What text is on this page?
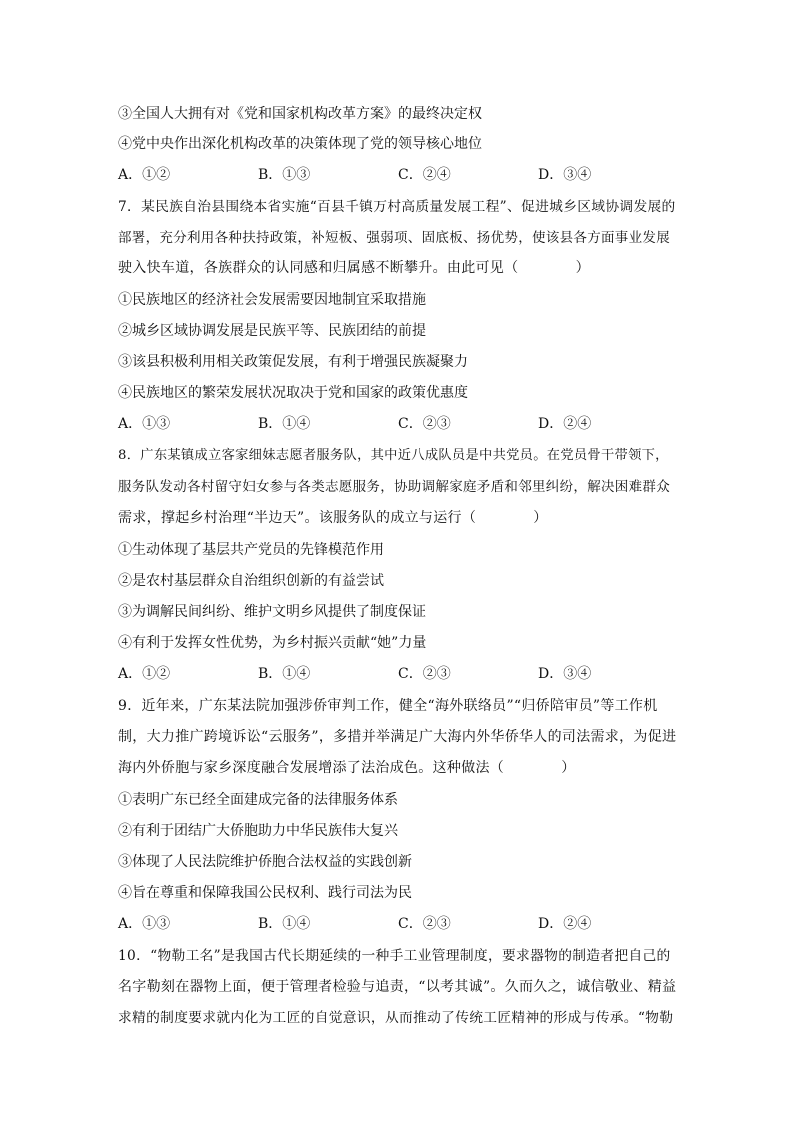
③全国人大拥有对《党和国家机构改革方案》的最终决定权
④党中央作出深化机构改革的决策体现了党的领导核心地位
A．①②	B．①③	C．②④	D．③④
7．某民族自治县围绕本省实施“百县千镇万村高质量发展工程”、促进城乡区域协调发展的
部署，充分利用各种扶持政策，补短板、强弱项、固底板、扬优势，使该县各方面事业发展
驶入快车道，各族群众的认同感和归属感不断攀升。由此可见（　　　　）
①民族地区的经济社会发展需要因地制宜采取措施
②城乡区域协调发展是民族平等、民族团结的前提
③该县积极利用相关政策促发展，有利于增强民族凝聚力
④民族地区的繁荣发展状况取决于党和国家的政策优惠度
A．①③	B．①④	C．②③	D．②④
8．广东某镇成立客家细妹志愿者服务队，其中近八成队员是中共党员。在党员骨干带领下，
服务队发动各村留守妇女参与各类志愿服务，协助调解家庭矛盾和邻里纠纷，解决困难群众
需求，撑起乡村治理“半边天”。该服务队的成立与运行（　　　　）
①生动体现了基层共产党员的先锋模范作用
②是农村基层群众自治组织创新的有益尝试
③为调解民间纠纷、维护文明乡风提供了制度保证
④有利于发挥女性优势，为乡村振兴贡献“她”力量
A．①②	B．①④	C．②③	D．③④
9．近年来，广东某法院加强涉侨审判工作，健全“海外联络员”“归侨陪审员”等工作机
制，大力推广跨境诉讼“云服务”，多措并举满足广大海内外华侨华人的司法需求，为促进
海内外侨胞与家乡深度融合发展增添了法治成色。这种做法（　　　　）
①表明广东已经全面建成完备的法律服务体系
②有利于团结广大侨胞助力中华民族伟大复兴
③体现了人民法院维护侨胞合法权益的实践创新
④旨在尊重和保障我国公民权利、践行司法为民
A．①③	B．①④	C．②③	D．②④
10．“物勒工名”是我国古代长期延续的一种手工业管理制度，要求器物的制造者把自己的
名字勒刻在器物上面，便于管理者检验与追责，“以考其诚”。久而久之，诚信敬业、精益
求精的制度要求就内化为工匠的自觉意识，从而推动了传统工匠精神的形成与传承。“物勒
